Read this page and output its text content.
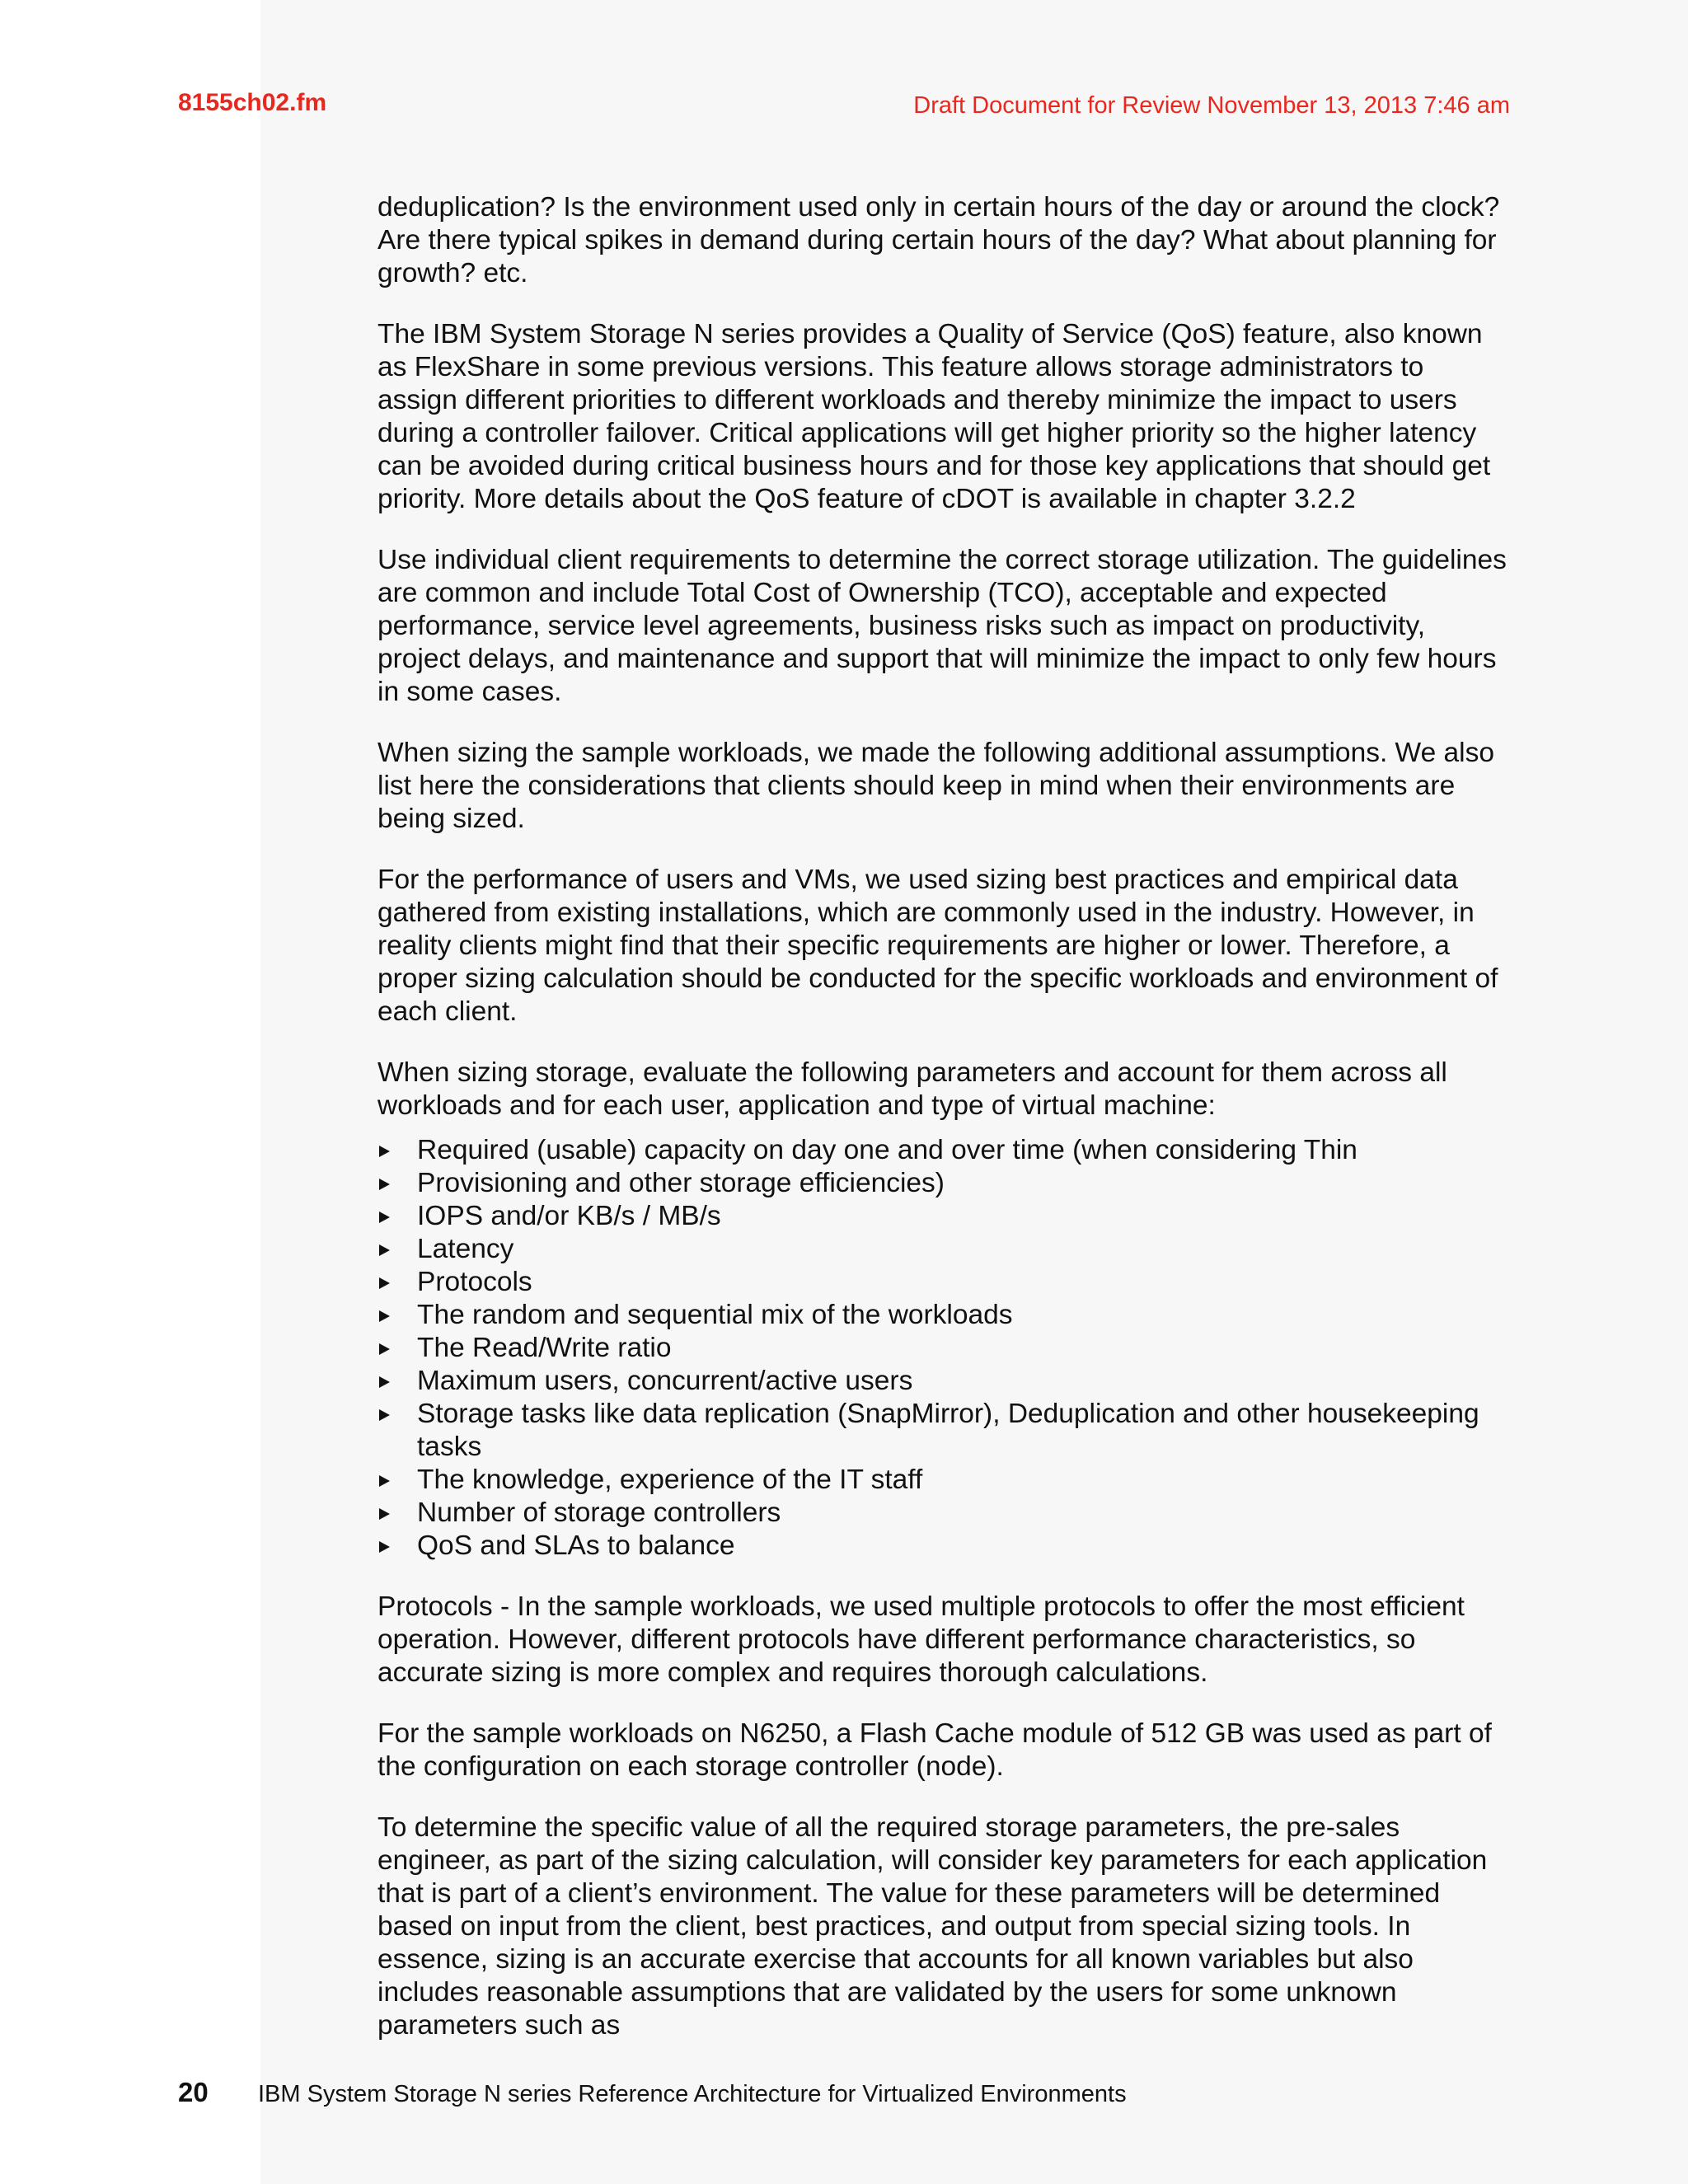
8155ch02.fm	Draft Document for Review November 13, 2013 7:46 am

deduplication? Is the environment used only in certain hours of the day or around the clock? Are there typical spikes in demand during certain hours of the day? What about planning for growth? etc.

The IBM System Storage N series provides a Quality of Service (QoS) feature, also known as FlexShare in some previous versions. This feature allows storage administrators to assign different priorities to different workloads and thereby minimize the impact to users during a controller failover. Critical applications will get higher priority so the higher latency can be avoided during critical business hours and for those key applications that should get priority. More details about the QoS feature of cDOT is available in chapter 3.2.2

Use individual client requirements to determine the correct storage utilization. The guidelines are common and include Total Cost of Ownership (TCO), acceptable and expected performance, service level agreements, business risks such as impact on productivity, project delays, and maintenance and support that will minimize the impact to only few hours in some cases.

When sizing the sample workloads, we made the following additional assumptions. We also list here the considerations that clients should keep in mind when their environments are being sized.

For the performance of users and VMs, we used sizing best practices and empirical data gathered from existing installations, which are commonly used in the industry. However, in reality clients might find that their specific requirements are higher or lower. Therefore, a proper sizing calculation should be conducted for the specific workloads and environment of each client.

When sizing storage, evaluate the following parameters and account for them across all workloads and for each user, application and type of virtual machine:

Required (usable) capacity on day one and over time (when considering Thin
Provisioning and other storage efficiencies)
IOPS and/or KB/s / MB/s
Latency
Protocols
The random and sequential mix of the workloads
The Read/Write ratio
Maximum users, concurrent/active users
Storage tasks like data replication (SnapMirror), Deduplication and other housekeeping tasks
The knowledge, experience of the IT staff
Number of storage controllers
QoS and SLAs to balance

Protocols - In the sample workloads, we used multiple protocols to offer the most efficient operation. However, different protocols have different performance characteristics, so accurate sizing is more complex and requires thorough calculations.

For the sample workloads on N6250, a Flash Cache module of 512 GB was used as part of the configuration on each storage controller (node).

To determine the specific value of all the required storage parameters, the pre-sales engineer, as part of the sizing calculation, will consider key parameters for each application that is part of a client’s environment. The value for these parameters will be determined based on input from the client, best practices, and output from special sizing tools. In essence, sizing is an accurate exercise that accounts for all known variables but also includes reasonable assumptions that are validated by the users for some unknown parameters such as

20	IBM System Storage N series Reference Architecture for Virtualized Environments
